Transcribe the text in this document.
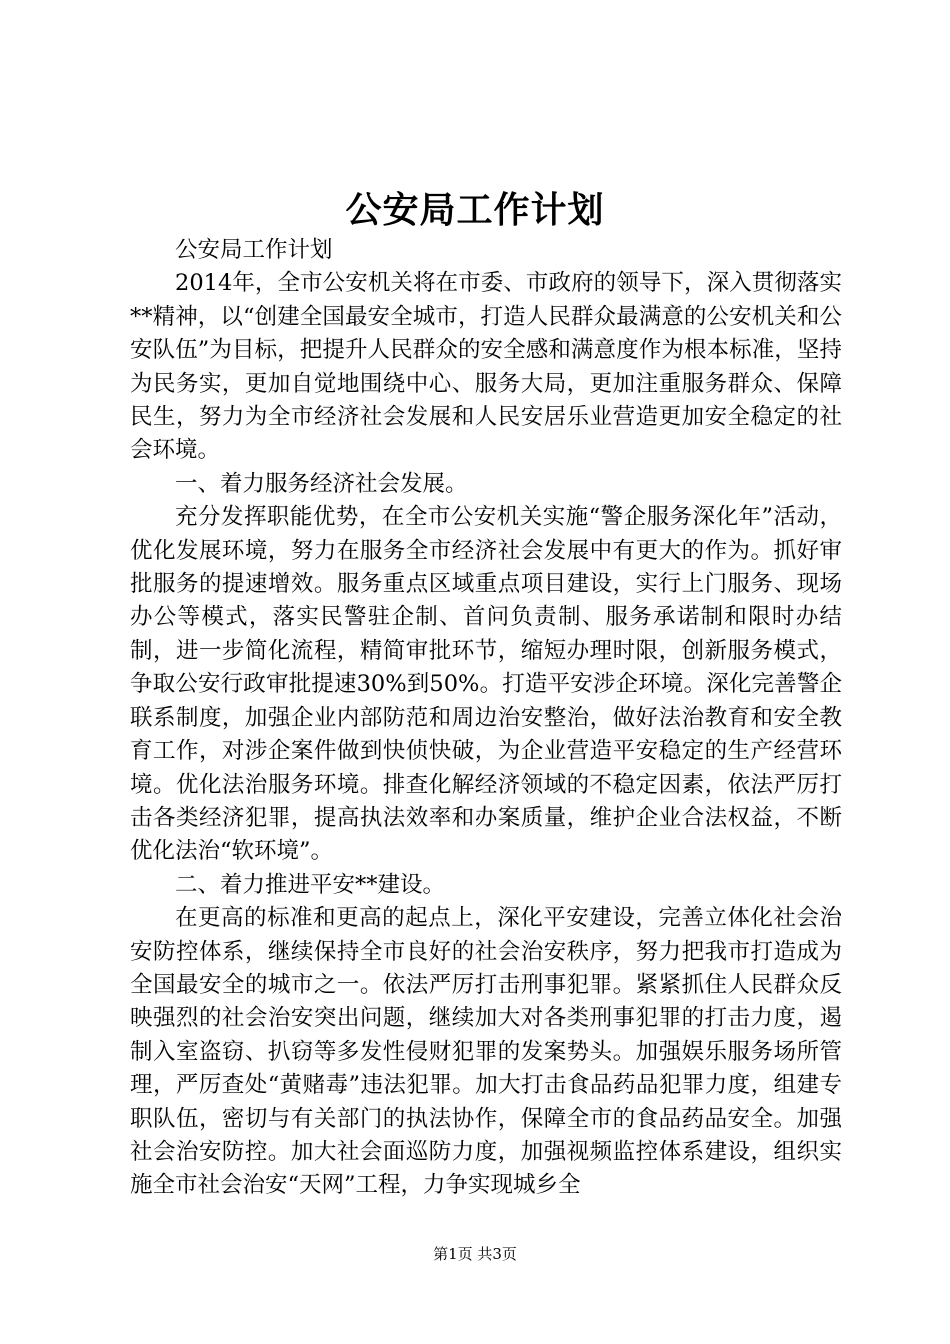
公安局工作计划

公安局工作计划

2014年，全市公安机关将在市委、市政府的领导下，深入贯彻落实**精神，以“创建全国最安全城市，打造人民群众最满意的公安机关和公安队伍”为目标，把提升人民群众的安全感和满意度作为根本标准，坚持为民务实，更加自觉地围绕中心、服务大局，更加注重服务群众、保障民生，努力为全市经济社会发展和人民安居乐业营造更加安全稳定的社会环境。

一、着力服务经济社会发展。

充分发挥职能优势，在全市公安机关实施“警企服务深化年”活动，优化发展环境，努力在服务全市经济社会发展中有更大的作为。抓好审批服务的提速增效。服务重点区域重点项目建设，实行上门服务、现场办公等模式，落实民警驻企制、首问负责制、服务承诺制和限时办结制，进一步简化流程，精简审批环节，缩短办理时限，创新服务模式，争取公安行政审批提速30%到50%。打造平安涉企环境。深化完善警企联系制度，加强企业内部防范和周边治安整治，做好法治教育和安全教育工作，对涉企案件做到快侦快破，为企业营造平安稳定的生产经营环境。优化法治服务环境。排查化解经济领域的不稳定因素，依法严厉打击各类经济犯罪，提高执法效率和办案质量，维护企业合法权益，不断优化法治“软环境”。

二、着力推进平安**建设。

在更高的标准和更高的起点上，深化平安建设，完善立体化社会治安防控体系，继续保持全市良好的社会治安秩序，努力把我市打造成为全国最安全的城市之一。依法严厉打击刑事犯罪。紧紧抓住人民群众反映强烈的社会治安突出问题，继续加大对各类刑事犯罪的打击力度，遏制入室盗窃、扒窃等多发性侵财犯罪的发案势头。加强娱乐服务场所管理，严厉查处“黄赌毒”违法犯罪。加大打击食品药品犯罪力度，组建专职队伍，密切与有关部门的执法协作，保障全市的食品药品安全。加强社会治安防控。加大社会面巡防力度，加强视频监控体系建设，组织实施全市社会治安“天网”工程，力争实现城乡全

第1页 共3页
